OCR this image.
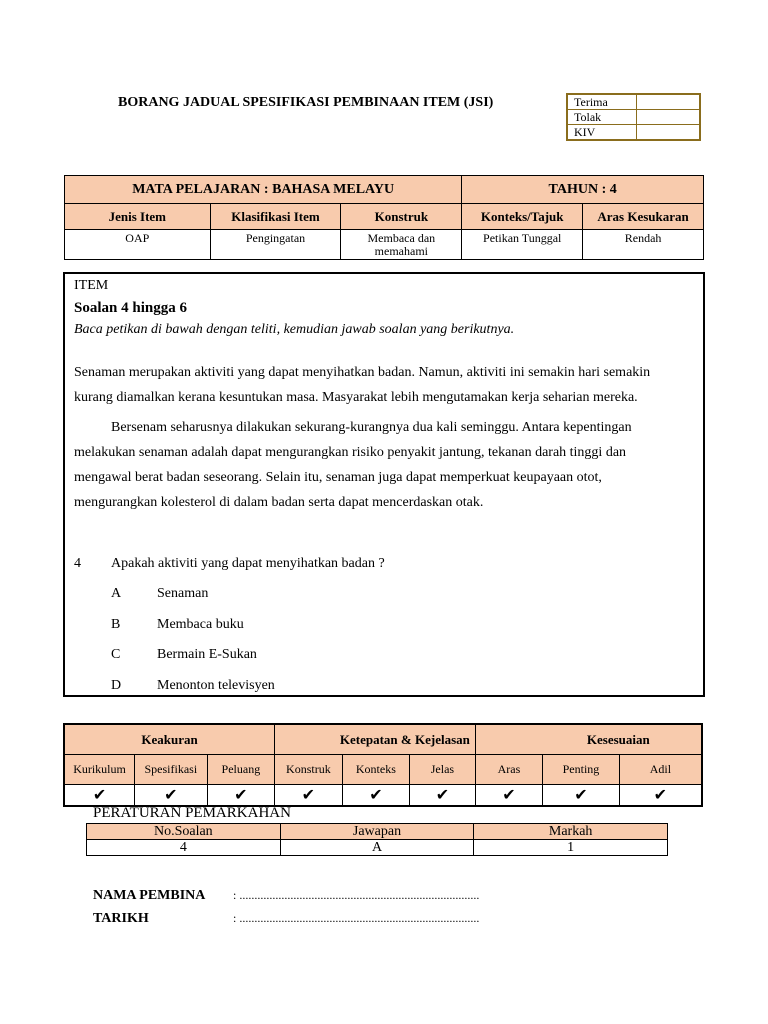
BORANG JADUAL SPESIFIKASI PEMBINAAN ITEM (JSI)	Terima	
Tolak	
KIV	
MATA PELAJARAN : BAHASA MELAYU			TAHUN : 4	
Jenis Item	Klasifikasi Item	Konstruk	Konteks/Tajuk	Aras Kesukaran
OAP	Pengingatan	Membaca dan memahami	Petikan Tunggal	Rendah
ITEM
Soalan 4 hingga 6
Baca petikan di bawah dengan teliti, kemudian jawab soalan yang berikutnya.
Senaman merupakan aktiviti yang dapat menyihatkan badan. Namun, aktiviti ini semakin hari semakin
kurang diamalkan kerana kesuntukan masa. Masyarakat lebih mengutamakan kerja seharian mereka.
Bersenam seharusnya dilakukan sekurang-kurangnya dua kali seminggu. Antara kepentingan
melakukan senaman adalah dapat mengurangkan risiko penyakit jantung, tekanan darah tinggi dan
mengawal berat badan seseorang. Selain itu, senaman juga dapat memperkuat keupayaan otot,
mengurangkan kolesterol di dalam badan serta dapat mencerdaskan otak.
4 Apakah aktiviti yang dapat menyihatkan badan ?
A	Senaman
B	Membaca buku
C	Bermain E-Sukan
D	Menonton televisyen
Keakuran			Ketepatan & Kejelasan			Kesesuaian		
Kurikulum	Spesifikasi	Peluang	Konstruk	Konteks	Jelas	Aras	Penting	Adil
✔	✔	✔	✔	✔	✔	✔	✔	✔
PERATURAN PEMARKAHAN
No.Soalan	Jawapan	Markah
4	A	1
NAMA PEMBINA : ................................................................................
TARIKH	: ................................................................................
